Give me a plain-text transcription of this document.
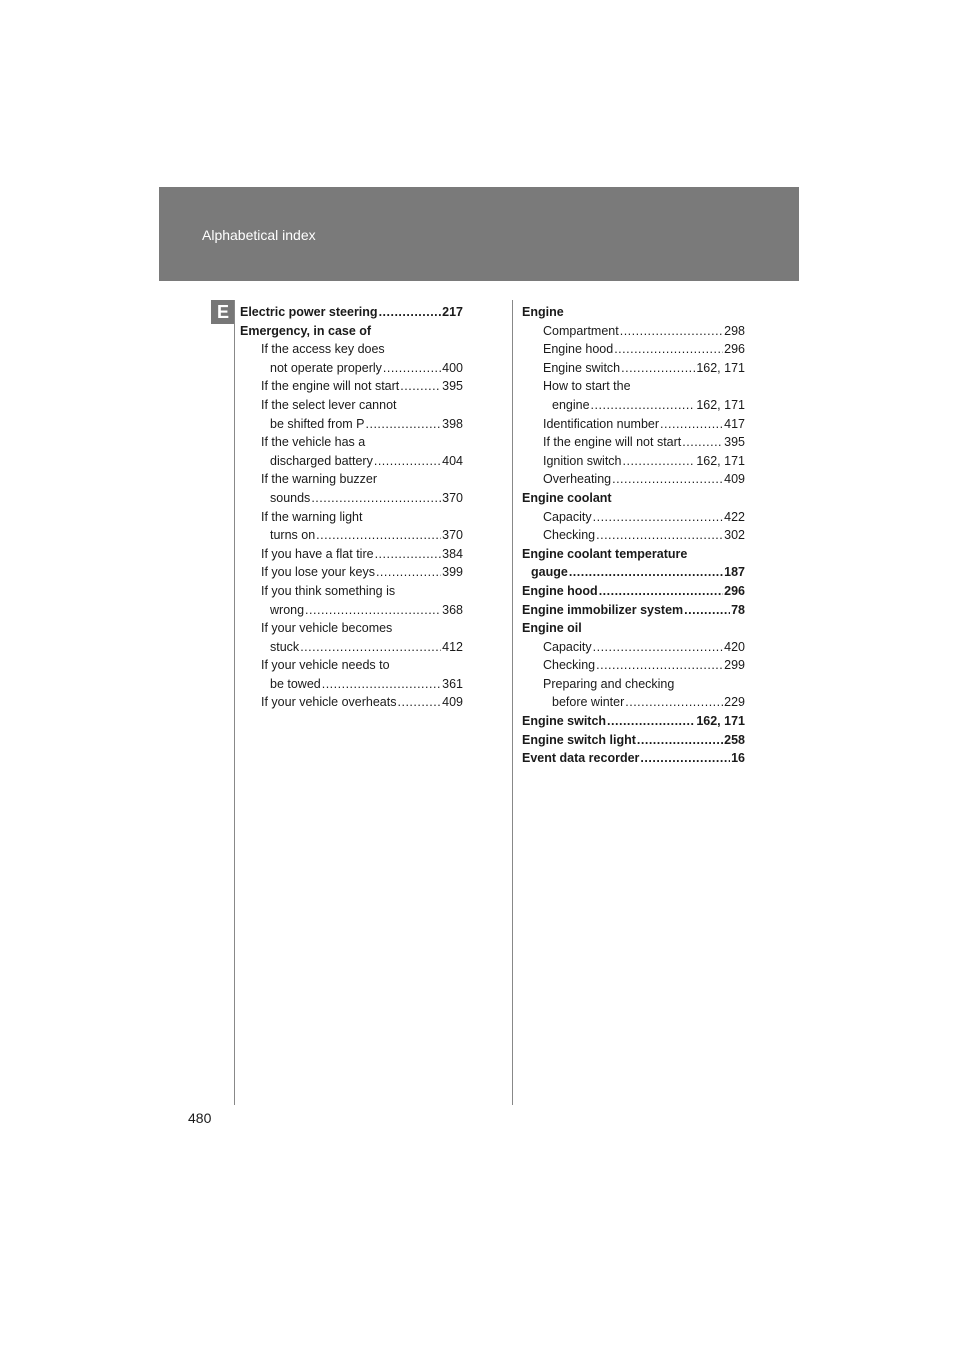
Alphabetical index
E Electric power steering .....	217
Emergency, in case of
If the access key does
not operate properly .....	400
If the engine will not start .....	395
If the select lever cannot
be shifted from P .....	398
If the vehicle has a
discharged battery .....	404
If the warning buzzer
sounds .....	370
If the warning light
turns on .....	370
If you have a flat tire .....	384
If you lose your keys .....	399
If you think something is
wrong .....	368
If your vehicle becomes
stuck .....	412
If your vehicle needs to
be towed .....	361
If your vehicle overheats .....	409
Engine
Compartment .....	298
Engine hood .....	296
Engine switch .....	162, 171
How to start the
engine .....	162, 171
Identification number .....	417
If the engine will not start .....	395
Ignition switch .....	162, 171
Overheating .....	409
Engine coolant
Capacity .....	422
Checking .....	302
Engine coolant temperature
gauge .....	187
Engine hood .....	296
Engine immobilizer system .....	78
Engine oil
Capacity .....	420
Checking .....	299
Preparing and checking
before winter .....	229
Engine switch .....	162, 171
Engine switch light .....	258
Event data recorder .....	16
480
